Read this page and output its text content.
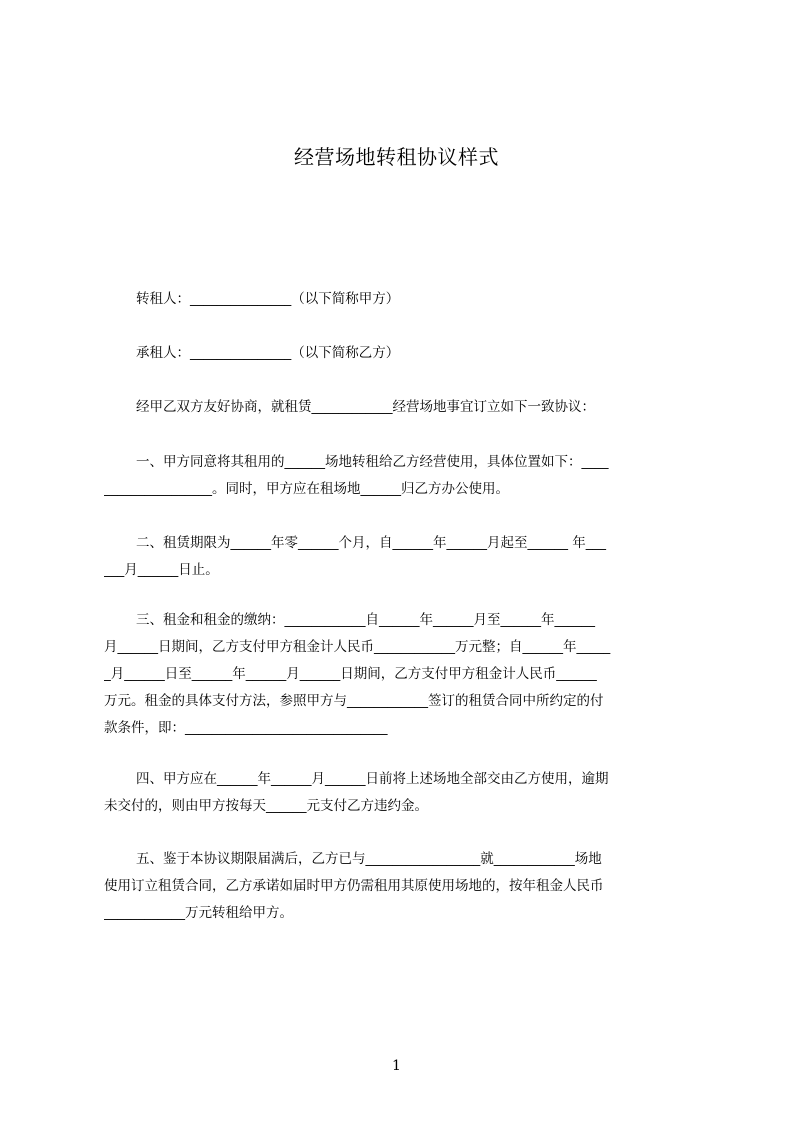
经营场地转租协议样式
转租人：_______________（以下简称甲方）
承租人：_______________（以下简称乙方）
经甲乙双方友好协商，就租赁____________经营场地事宜订立如下一致协议：
一、甲方同意将其租用的______场地转租给乙方经营使用，具体位置如下：____
________________。同时，甲方应在租场地______归乙方办公使用。
二、租赁期限为______年零______个月，自______年______月起至______ 年___
___月______日止。
三、租金和租金的缴纳：____________自______年______月至______年______
月______日期间，乙方支付甲方租金计人民币____________万元整；自______年_____
_月______日至______年______月______日期间，乙方支付甲方租金计人民币______
万元。租金的具体支付方法，参照甲方与____________签订的租赁合同中所约定的付
款条件，即：______________________________
四、甲方应在______年______月______日前将上述场地全部交由乙方使用，逾期
未交付的，则由甲方按每天______元支付乙方违约金。
五、鉴于本协议期限届满后，乙方已与_________________就____________场地
使用订立租赁合同，乙方承诺如届时甲方仍需租用其原使用场地的，按年租金人民币
____________万元转租给甲方。
1
